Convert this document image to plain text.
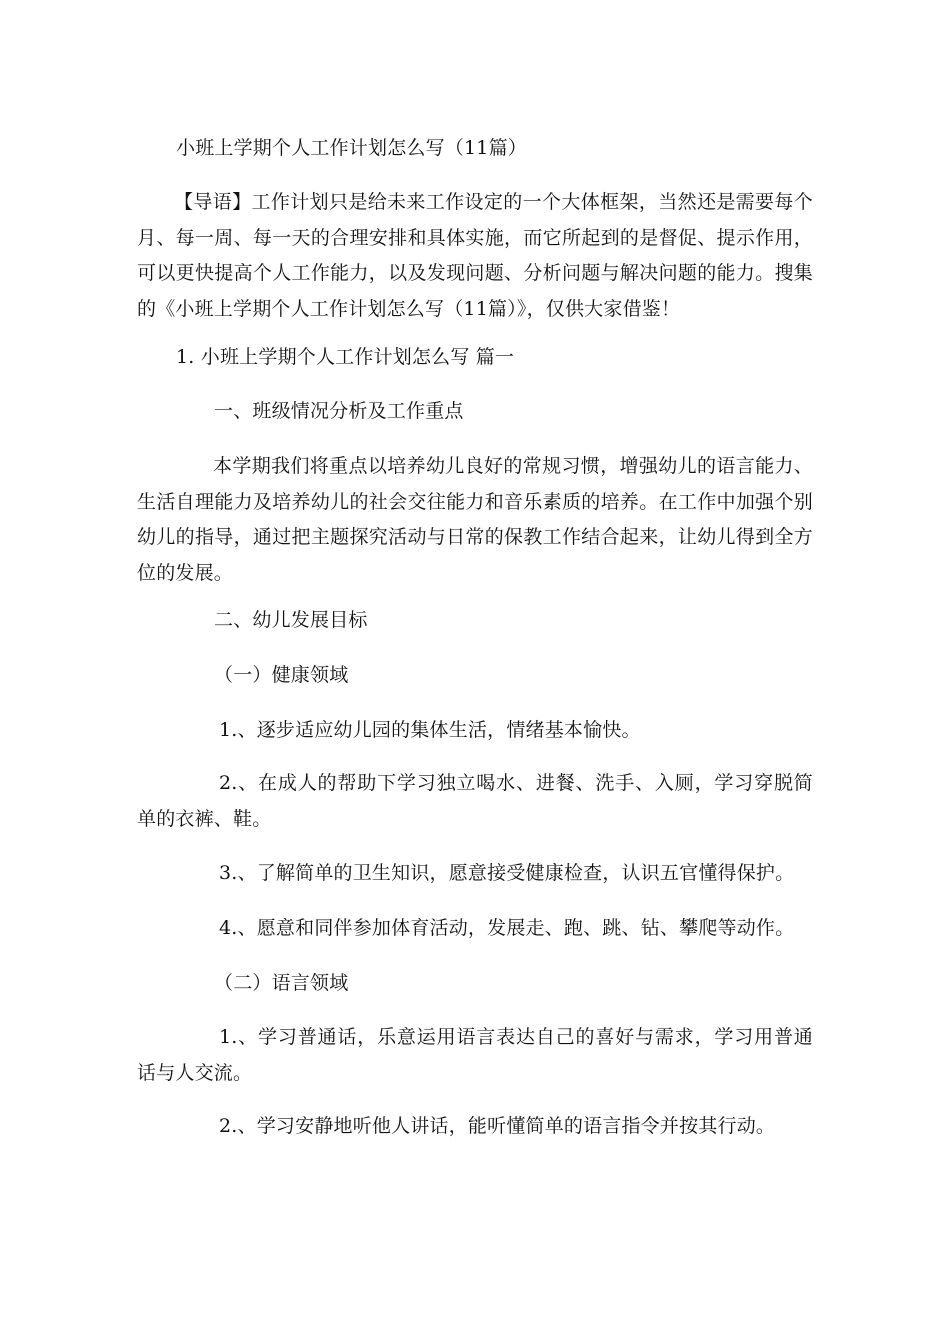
小班上学期个人工作计划怎么写（11篇）
【导语】工作计划只是给未来工作设定的一个大体框架，当然还是需要每个月、每一周、每一天的合理安排和具体实施，而它所起到的是督促、提示作用，可以更快提高个人工作能力，以及发现问题、分析问题与解决问题的能力。搜集的《小班上学期个人工作计划怎么写（11篇）》，仅供大家借鉴！
1. 小班上学期个人工作计划怎么写 篇一
一、班级情况分析及工作重点
本学期我们将重点以培养幼儿良好的常规习惯，增强幼儿的语言能力、生活自理能力及培养幼儿的社会交往能力和音乐素质的培养。在工作中加强个别幼儿的指导，通过把主题探究活动与日常的保教工作结合起来，让幼儿得到全方位的发展。
二、幼儿发展目标
（一）健康领域
1.、逐步适应幼儿园的集体生活，情绪基本愉快。
2.、在成人的帮助下学习独立喝水、进餐、洗手、入厕，学习穿脱简单的衣裤、鞋。
3.、了解简单的卫生知识，愿意接受健康检查，认识五官懂得保护。
4.、愿意和同伴参加体育活动，发展走、跑、跳、钻、攀爬等动作。
（二）语言领域
1.、学习普通话，乐意运用语言表达自己的喜好与需求，学习用普通话与人交流。
2.、学习安静地听他人讲话，能听懂简单的语言指令并按其行动。
